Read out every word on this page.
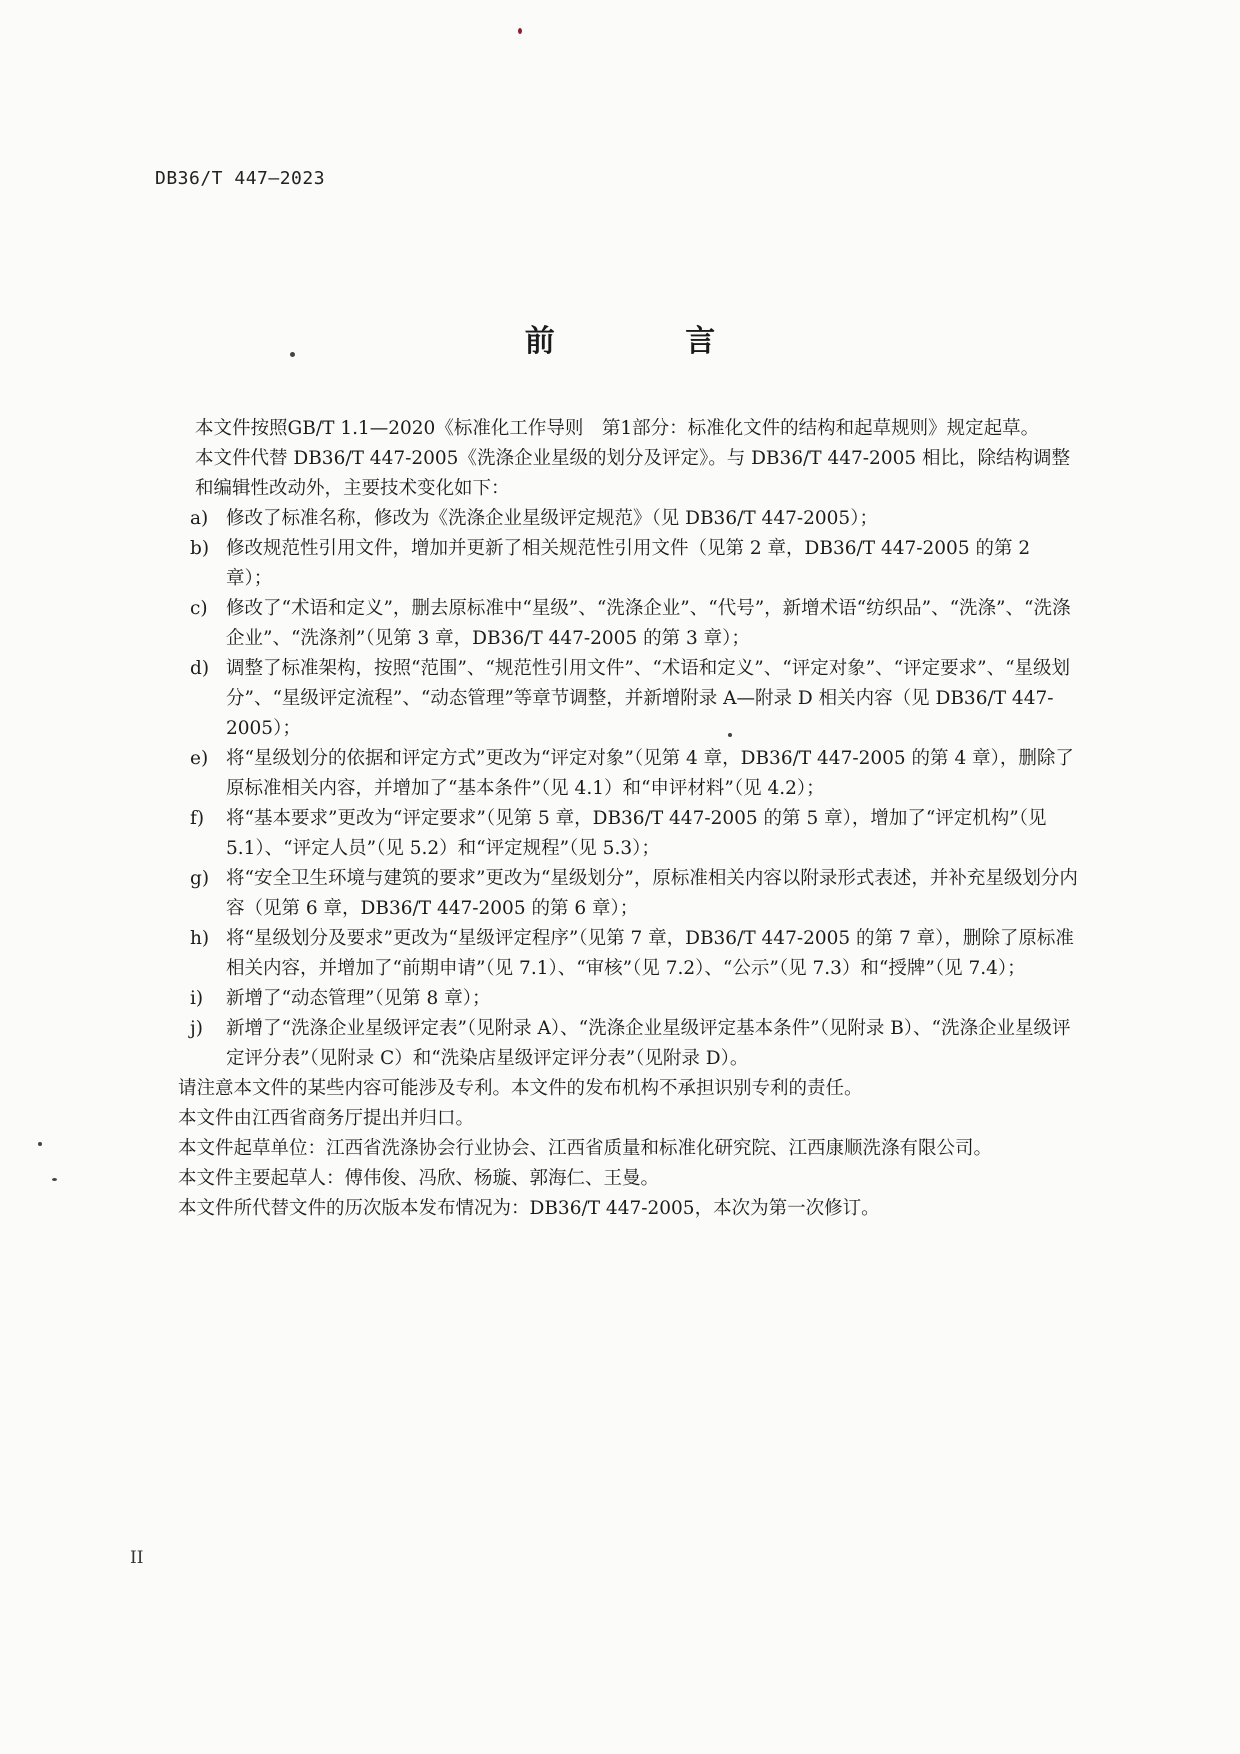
DB36/T 447—2023
前 言

本文件按照GB/T 1.1—2020《标准化工作导则　第1部分：标准化文件的结构和起草规则》规定起草。

本文件代替 DB36/T 447-2005《洗涤企业星级的划分及评定》。与 DB36/T 447-2005 相比，除结构调整和编辑性改动外，主要技术变化如下：

a) 修改了标准名称，修改为《洗涤企业星级评定规范》（见 DB36/T 447-2005）；
b) 修改规范性引用文件，增加并更新了相关规范性引用文件（见第 2 章，DB36/T 447-2005 的第 2 章）；
c) 修改了“术语和定义”，删去原标准中“星级”、“洗涤企业”、“代号”，新增术语“纺织品”、“洗涤”、“洗涤企业”、“洗涤剂”（见第 3 章，DB36/T 447-2005 的第 3 章）；
d) 调整了标准架构，按照“范围”、“规范性引用文件”、“术语和定义”、“评定对象”、“评定要求”、“星级划分”、“星级评定流程”、“动态管理”等章节调整，并新增附录 A—附录 D 相关内容（见 DB36/T 447-2005）；
e) 将“星级划分的依据和评定方式”更改为“评定对象”（见第 4 章，DB36/T 447-2005 的第 4 章），删除了原标准相关内容，并增加了“基本条件”（见 4.1）和“申评材料”（见 4.2）；
f)	将“基本要求”更改为“评定要求”（见第 5 章，DB36/T 447-2005 的第 5 章），增加了“评定机构”（见 5.1）、“评定人员”（见 5.2）和“评定规程”（见 5.3）；
g) 将“安全卫生环境与建筑的要求”更改为“星级划分”，原标准相关内容以附录形式表述，并补充星级划分内容（见第 6 章，DB36/T 447-2005 的第 6 章）；
h) 将“星级划分及要求”更改为“星级评定程序”（见第 7 章，DB36/T 447-2005 的第 7 章），删除了原标准相关内容，并增加了“前期申请”（见 7.1）、“审核”（见 7.2）、“公示”（见 7.3）和“授牌”（见 7.4）；
i)	新增了“动态管理”（见第 8 章）；
j)	新增了“洗涤企业星级评定表”（见附录 A）、“洗涤企业星级评定基本条件”（见附录 B）、“洗涤企业星级评定评分表”（见附录 C）和“洗染店星级评定评分表”（见附录 D）。

请注意本文件的某些内容可能涉及专利。本文件的发布机构不承担识别专利的责任。

本文件由江西省商务厅提出并归口。

本文件起草单位：江西省洗涤协会行业协会、江西省质量和标准化研究院、江西康顺洗涤有限公司。

本文件主要起草人：傅伟俊、冯欣、杨璇、郭海仁、王曼。

本文件所代替文件的历次版本发布情况为：DB36/T 447-2005，本次为第一次修订。

II
